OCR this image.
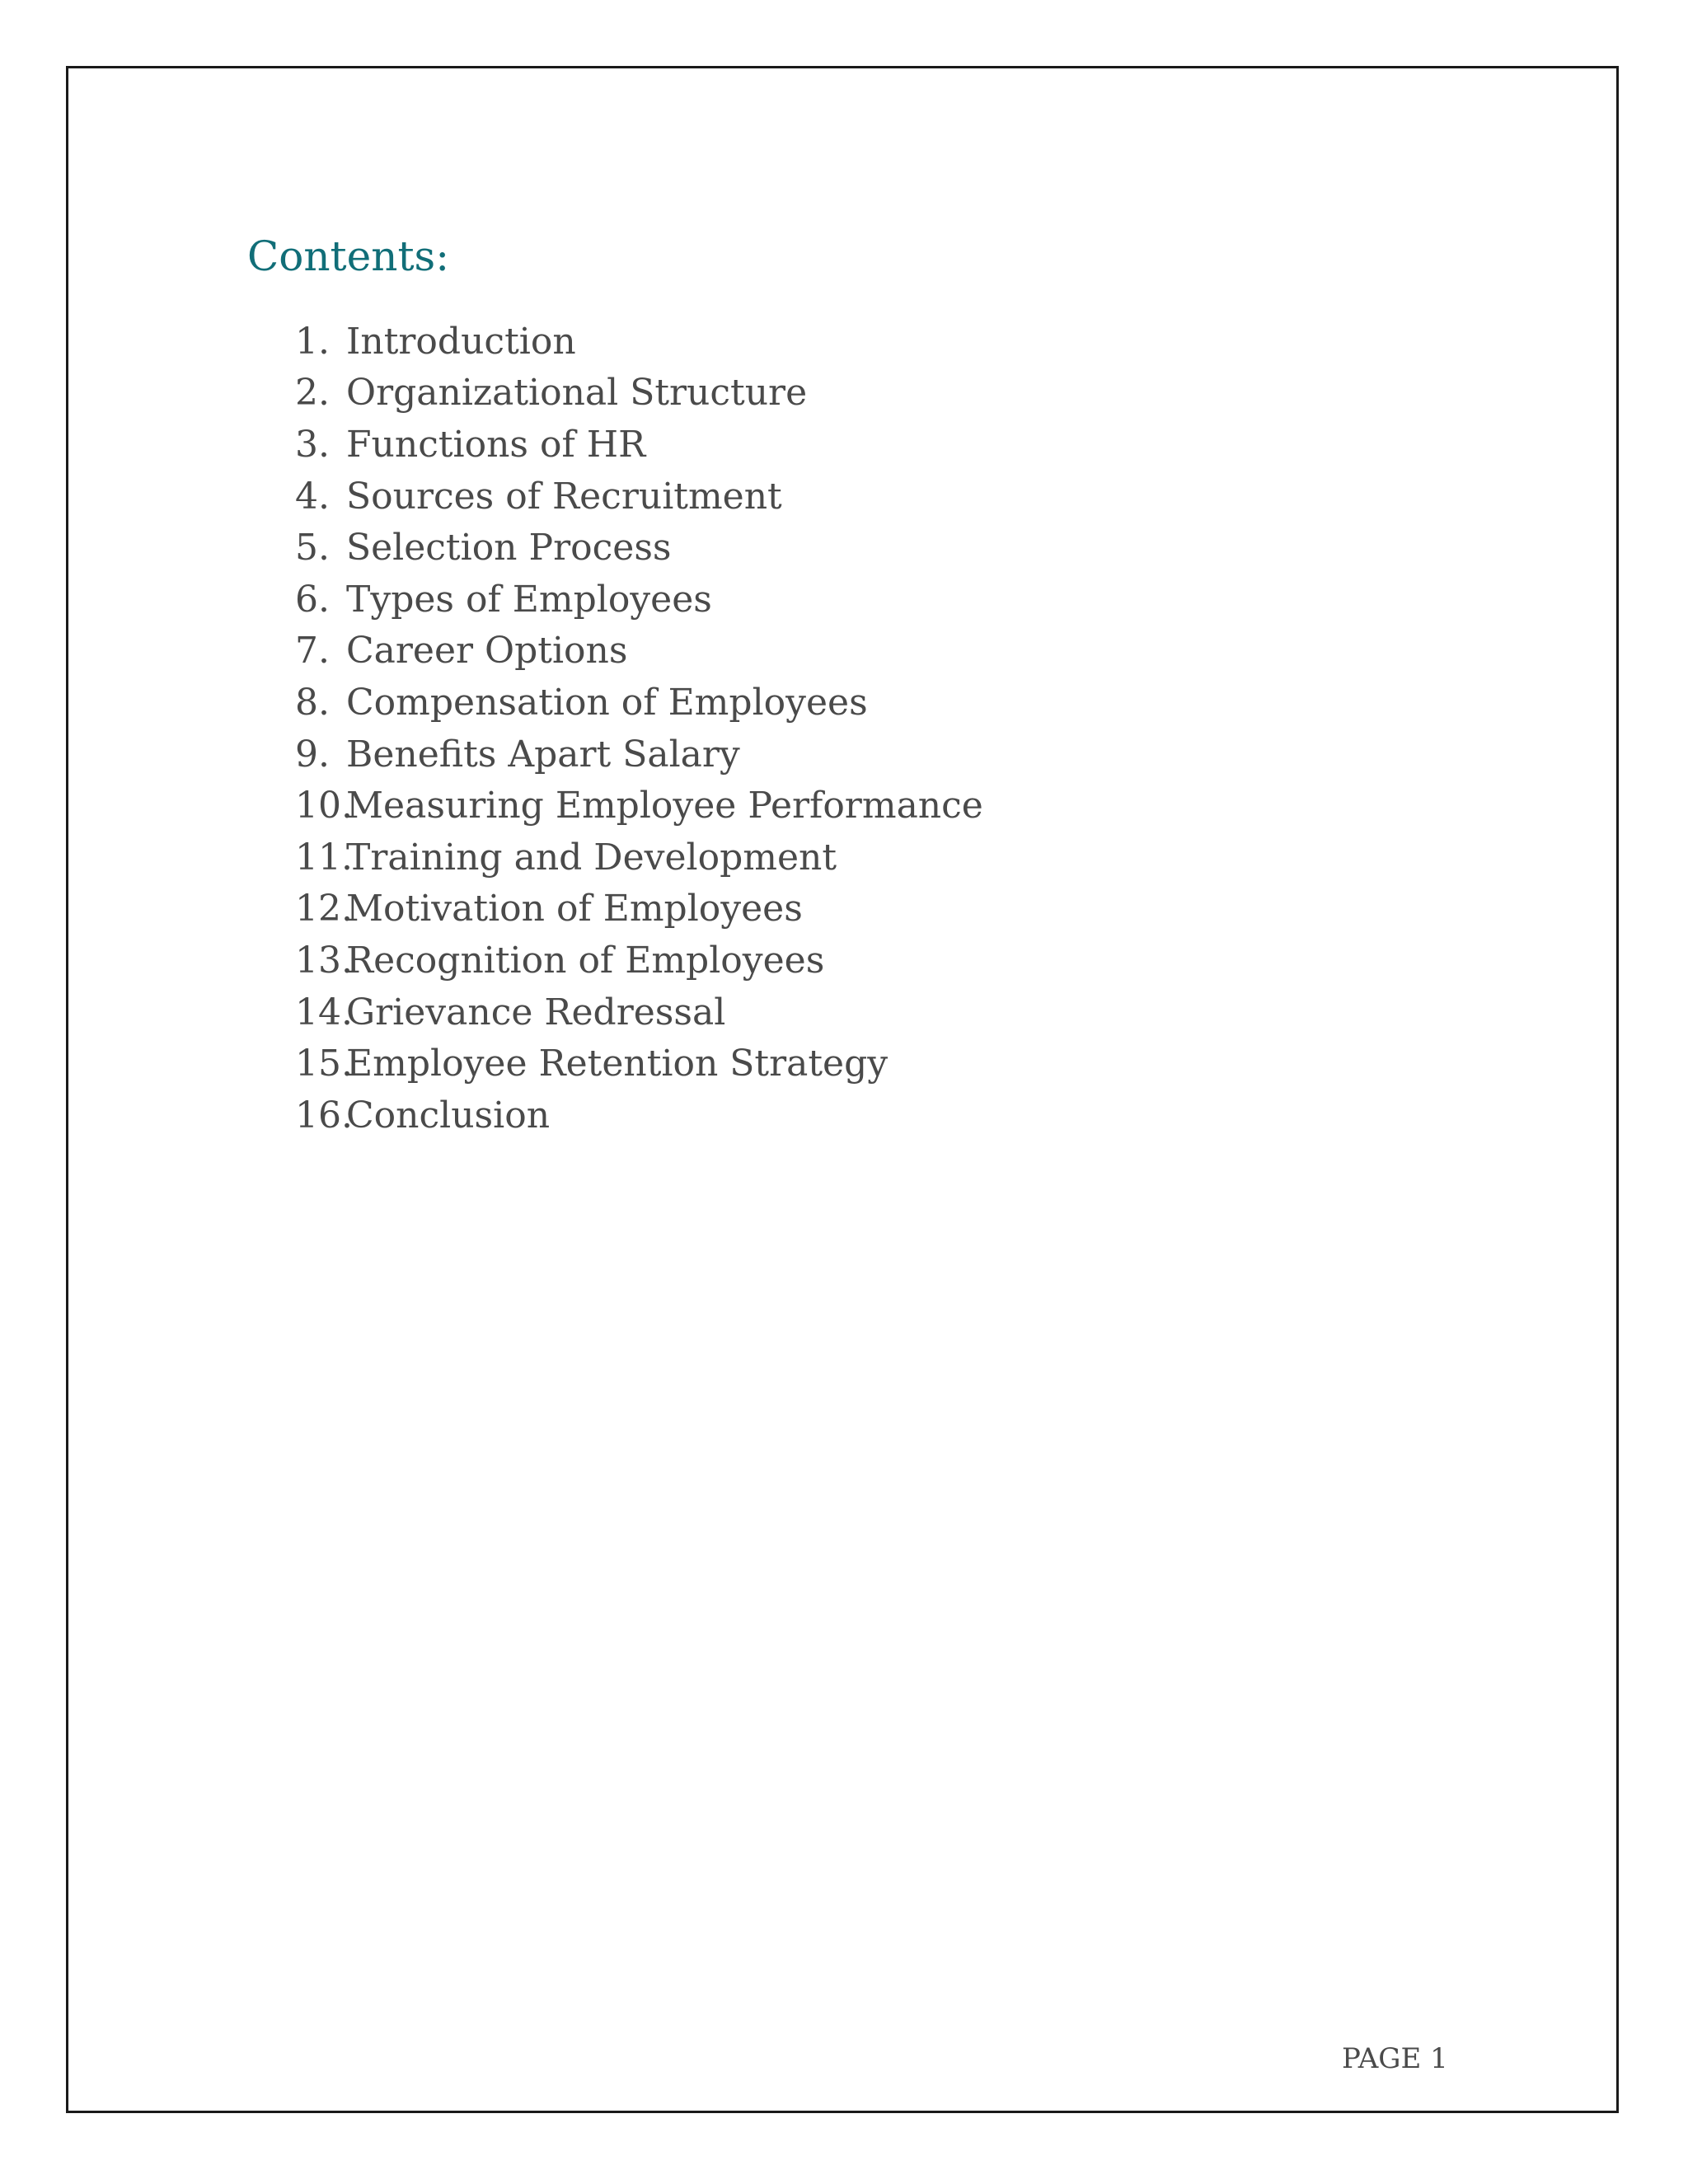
Contents:
1. Introduction
2. Organizational Structure
3. Functions of HR
4. Sources of Recruitment
5. Selection Process
6. Types of Employees
7. Career Options
8. Compensation of Employees
9. Benefits Apart Salary
10.
Measuring Employee Performance
11.
Training and Development
12.
Motivation of Employees
13.
Recognition of Employees
14.
Grievance Redressal
15.
Employee Retention Strategy
16.
Conclusion
PAGE 1
